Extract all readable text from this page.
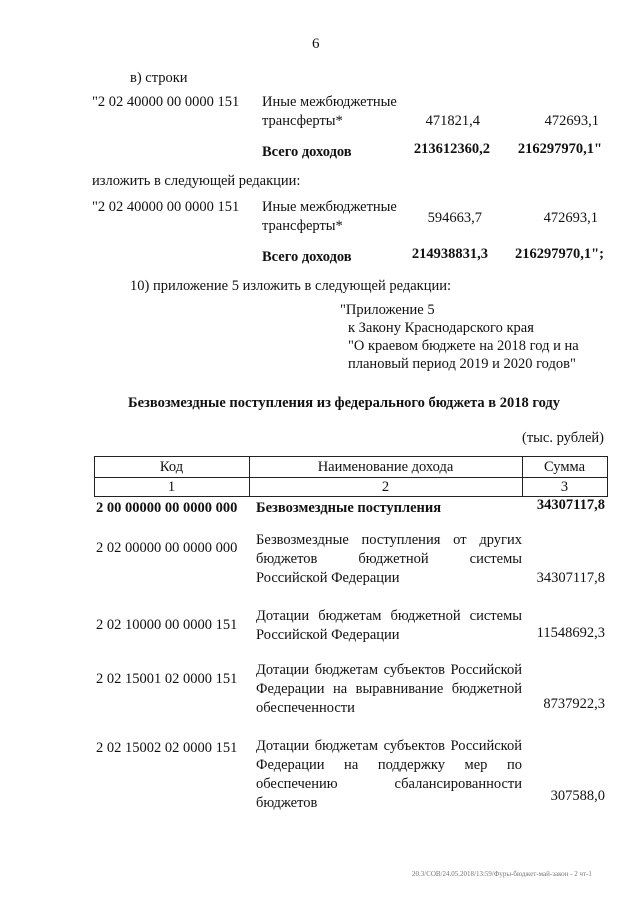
6
в) строки
"2 02 40000 00 0000 151 Иные межбюджетные
трансферты*	471821,4	472693,1
Всего доходов	213612360,2	216297970,1"
изложить в следующей редакции:
"2 02 40000 00 0000 151 Иные межбюджетные
трансферты*	594663,7	472693,1
Всего доходов	214938831,3	216297970,1";
10) приложение 5 изложить в следующей редакции:
"Приложение 5
к Закону Краснодарского края
"О краевом бюджете на 2018 год и на
плановый период 2019 и 2020 годов"
Безвозмездные поступления из федерального бюджета в 2018 году
(тыс. рублей)
Код	Наименование дохода	Сумма
1	2	3
2 00 00000 00 0000 000 Безвозмездные поступления	34307117,8
2 02 00000 00 0000 000 Безвозмездные поступления от других бюджетов бюджетной системы Российской Федерации	34307117,8
2 02 10000 00 0000 151
Дотации бюджетам бюджетной системы Российской Федерации	11548692,3
2 02 15001 02 0000 151
Дотации бюджетам субъектов Российской Федерации на выравнивание бюджетной обеспеченности	8737922,3
2 02 15002 02 0000 151 Дотации бюджетам субъектов Российской Федерации на поддержку мер по обеспечению сбалансированности бюджетов	307588,0
20.3/СОВ/24.05.2018/13:59/Фуры-бюджет-май-закон - 2 чт-1
